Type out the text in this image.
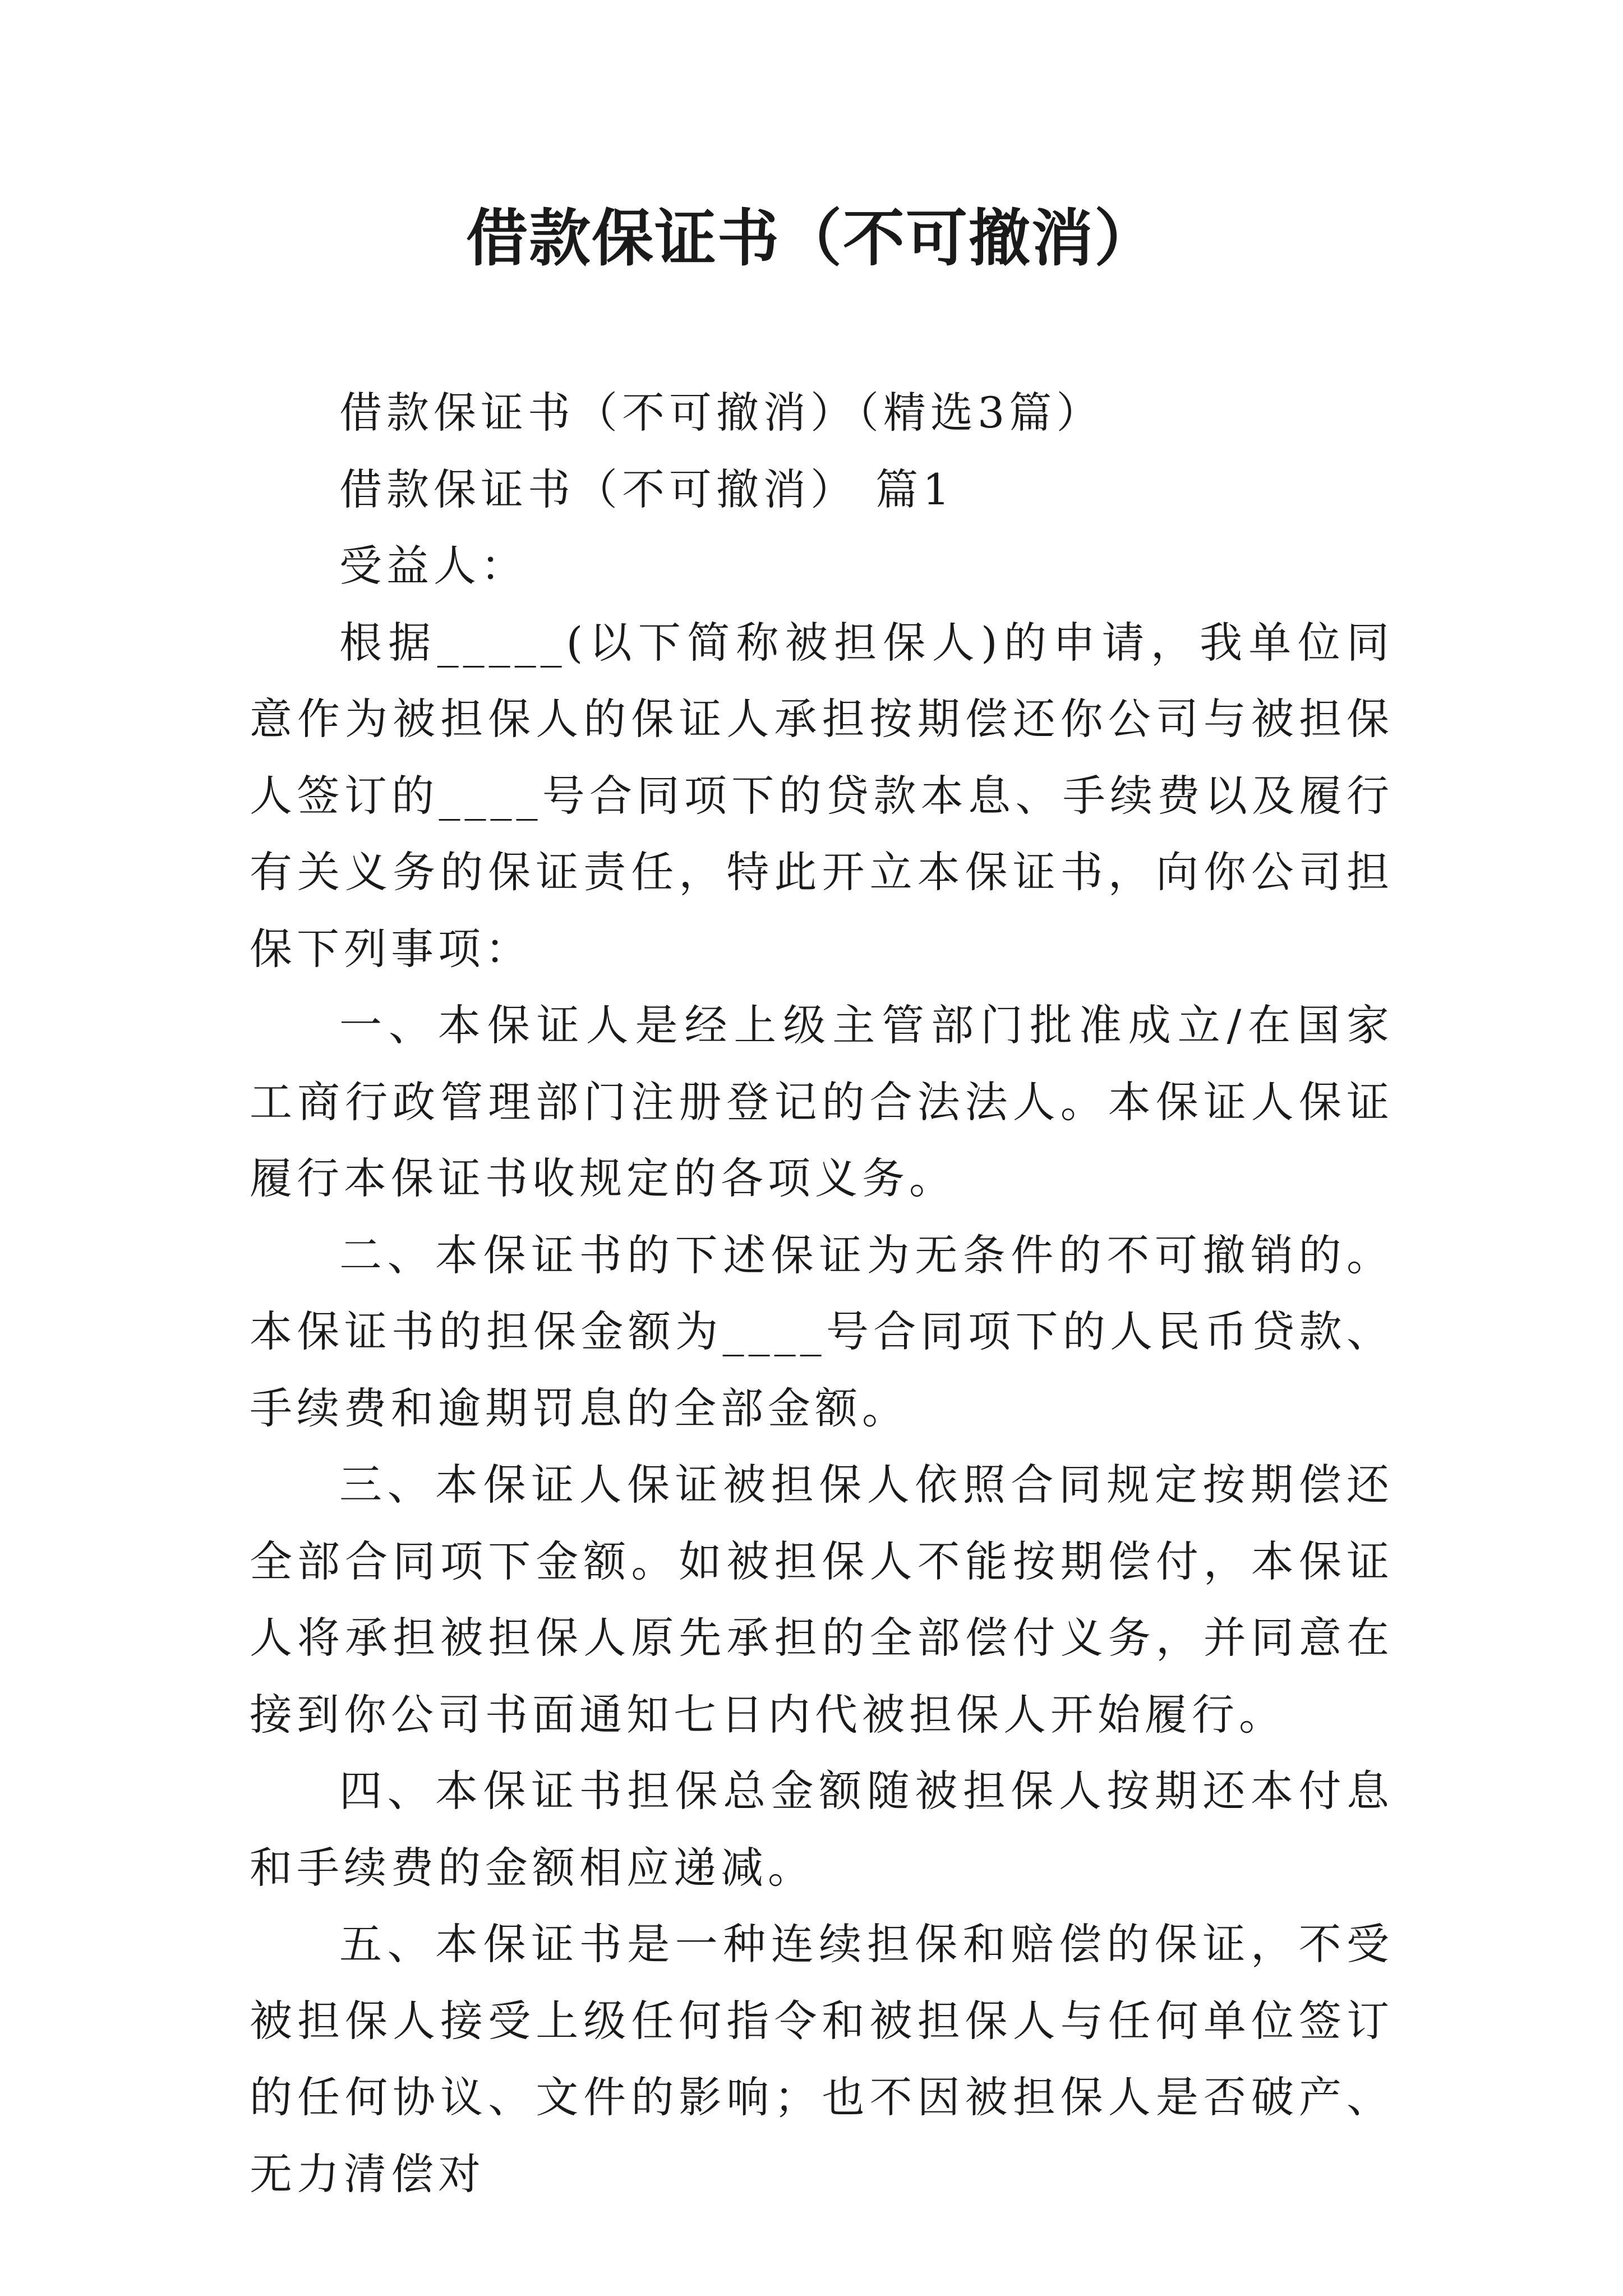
借款保证书（不可撤消）

借款保证书（不可撤消）（精选3篇）

借款保证书（不可撤消） 篇1

受益人：

根据_____(以下简称被担保人)的申请，我单位同意作为被担保人的保证人承担按期偿还你公司与被担保人签订的____号合同项下的贷款本息、手续费以及履行有关义务的保证责任，特此开立本保证书，向你公司担保下列事项：

一、本保证人是经上级主管部门批准成立/在国家工商行政管理部门注册登记的合法法人。本保证人保证履行本保证书收规定的各项义务。

二、本保证书的下述保证为无条件的不可撤销的。本保证书的担保金额为____号合同项下的人民币贷款、手续费和逾期罚息的全部金额。

三、本保证人保证被担保人依照合同规定按期偿还全部合同项下金额。如被担保人不能按期偿付，本保证人将承担被担保人原先承担的全部偿付义务，并同意在接到你公司书面通知七日内代被担保人开始履行。

四、本保证书担保总金额随被担保人按期还本付息和手续费的金额相应递减。

五、本保证书是一种连续担保和赔偿的保证，不受被担保人接受上级任何指令和被担保人与任何单位签订的任何协议、文件的影响；也不因被担保人是否破产、无力清偿对
